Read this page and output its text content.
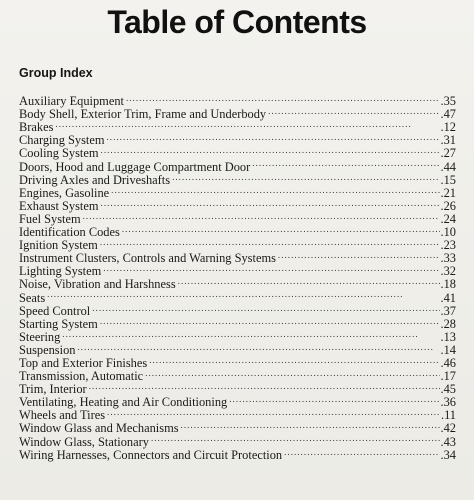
Table of Contents
Group Index
Auxiliary Equipment . . .	.35
Body Shell, Exterior Trim, Frame and Underbody . . .	.47
Brakes . . .	.12
Charging System . . .	.31
Cooling System . . .	.27
Doors, Hood and Luggage Compartment Door . . .	.44
Driving Axles and Driveshafts . . .	.15
Engines, Gasoline . . .	.21
Exhaust System . . .	.26
Fuel System . . .	.24
Identification Codes . . .	.10
Ignition System . . .	.23
Instrument Clusters, Controls and Warning Systems . . .	.33
Lighting System . . .	.32
Noise, Vibration and Harshness . . .	.18
Seats . . .	.41
Speed Control . . .	.37
Starting System . . .	.28
Steering . . .	.13
Suspension . . .	.14
Top and Exterior Finishes . . .	.46
Transmission, Automatic . . .	.17
Trim, Interior . . .	.45
Ventilating, Heating and Air Conditioning . . .	.36
Wheels and Tires . . .	.11
Window Glass and Mechanisms . . .	.42
Window Glass, Stationary . . .	.43
Wiring Harnesses, Connectors and Circuit Protection . . .	.34
